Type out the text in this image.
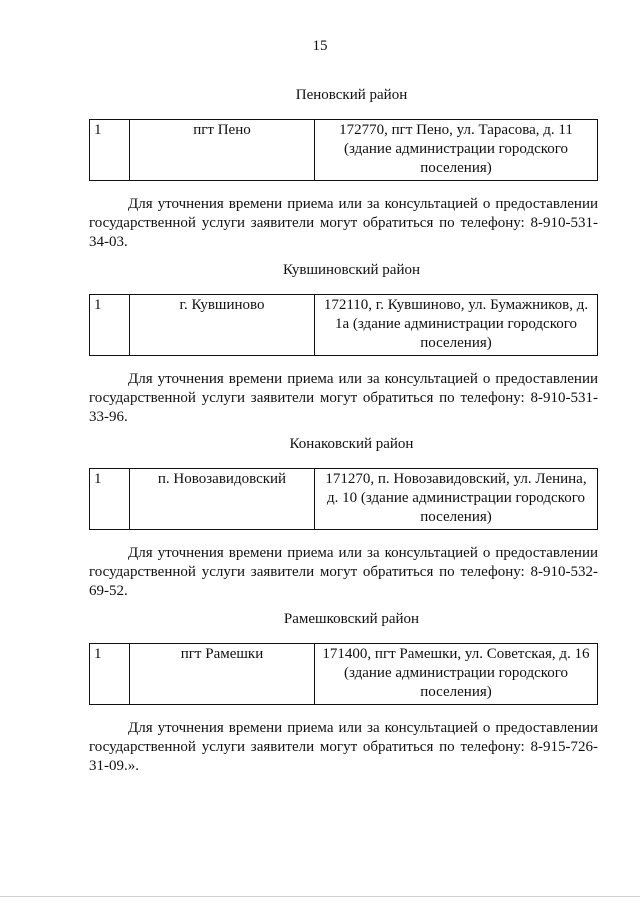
15
Пеновский район
1	пгт Пено	172770, пгт Пено, ул. Тарасова, д. 11 (здание администрации городского поселения)

Для уточнения времени приема или за консультацией о предоставлении государственной услуги заявители могут обратиться по телефону: 8-910-531-34-03.

Кувшиновский район
1	г. Кувшиново	172110, г. Кувшиново, ул. Бумажников, д. 1а (здание администрации городского поселения)

Для уточнения времени приема или за консультацией о предоставлении государственной услуги заявители могут обратиться по телефону: 8-910-531-33-96.

Конаковский район
1	п. Новозавидовский	171270, п. Новозавидовский, ул. Ленина, д. 10 (здание администрации городского поселения)

Для уточнения времени приема или за консультацией о предоставлении государственной услуги заявители могут обратиться по телефону: 8-910-532-69-52.

Рамешковский район
1	пгт Рамешки	171400, пгт Рамешки, ул. Советская, д. 16 (здание администрации городского поселения)

Для уточнения времени приема или за консультацией о предоставлении государственной услуги заявители могут обратиться по телефону: 8-915-726-31-09.».
